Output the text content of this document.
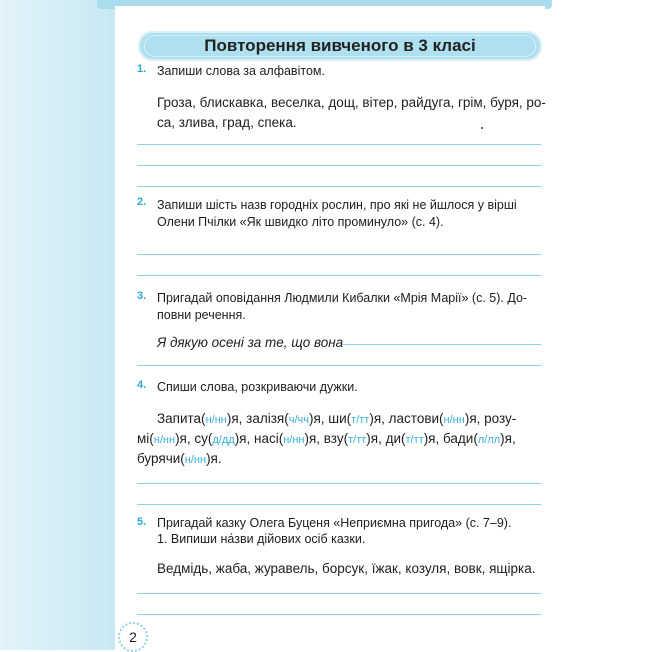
Повторення вивченого в 3 класі
1. Запиши слова за алфавітом.
Гроза, блискавка, веселка, дощ, вітер, райдуга, грім, буря, ро-
са, злива, град, спека.
2. Запиши шість назв городніх рослин, про які не йшлося у вірші
Олени Пчілки «Як швидко літо проминуло» (с. 4).
3. Пригадай оповідання Людмили Кибалки «Мрія Марії» (с. 5). До-
повни речення.
Я дякую осені за те, що вона
4. Спиши слова, розкриваючи дужки.
Запита(н/нн)я, залізя(ч/чч)я, ши(т/тт)я, ластови(н/нн)я, розу-
мі(н/нн)я, су(д/дд)я, насі(н/нн)я, взу(т/тт)я, ди(т/тт)я, бади(л/лл)я,
бурячи(н/нн)я.
5. Пригадай казку Олега Буценя «Неприємна пригода» (с. 7–9).
1. Випиши на́зви дійових осіб казки.
Ведмідь, жаба, журавель, борсук, їжак, козуля, вовк, ящірка.
2
